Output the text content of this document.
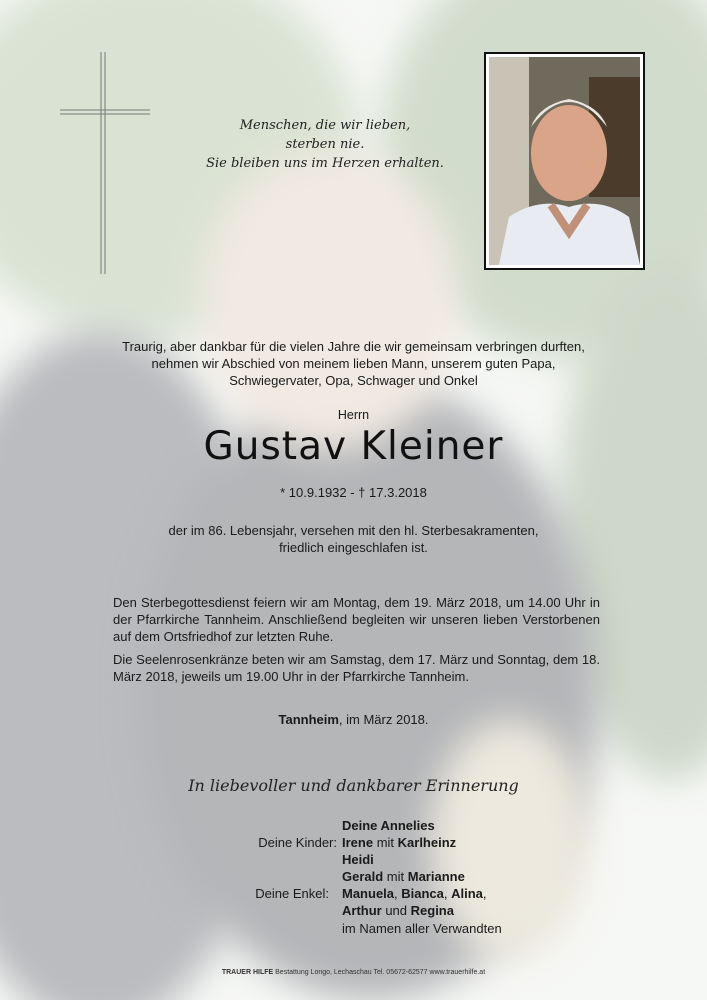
Menschen, die wir lieben,
sterben nie.
Sie bleiben uns im Herzen erhalten.
Traurig, aber dankbar für die vielen Jahre die wir gemeinsam verbringen durften,
nehmen wir Abschied von meinem lieben Mann, unserem guten Papa,
Schwiegervater, Opa, Schwager und Onkel
Herrn
Gustav Kleiner
* 10.9.1932 - † 17.3.2018
der im 86. Lebensjahr, versehen mit den hl. Sterbesakramenten,
friedlich eingeschlafen ist.
Den Sterbegottesdienst feiern wir am Montag, dem 19. März 2018, um 14.00 Uhr in der Pfarrkirche Tannheim. Anschließend begleiten wir unseren lieben Verstorbenen auf dem Ortsfriedhof zur letzten Ruhe.
Die Seelenrosenkränze beten wir am Samstag, dem 17. März und Sonntag, dem 18. März 2018, jeweils um 19.00 Uhr in der Pfarrkirche Tannheim.
Tannheim, im März 2018.
In liebevoller und dankbarer Erinnerung
Deine Annelies
Deine Kinder: Irene mit Karlheinz
Heidi
Gerald mit Marianne
Deine Enkel: Manuela, Bianca, Alina,
Arthur und Regina
im Namen aller Verwandten
TRAUER HILFE Bestattung Longo, Lechaschau Tel. 05672-62577 www.trauerhilfe.at
